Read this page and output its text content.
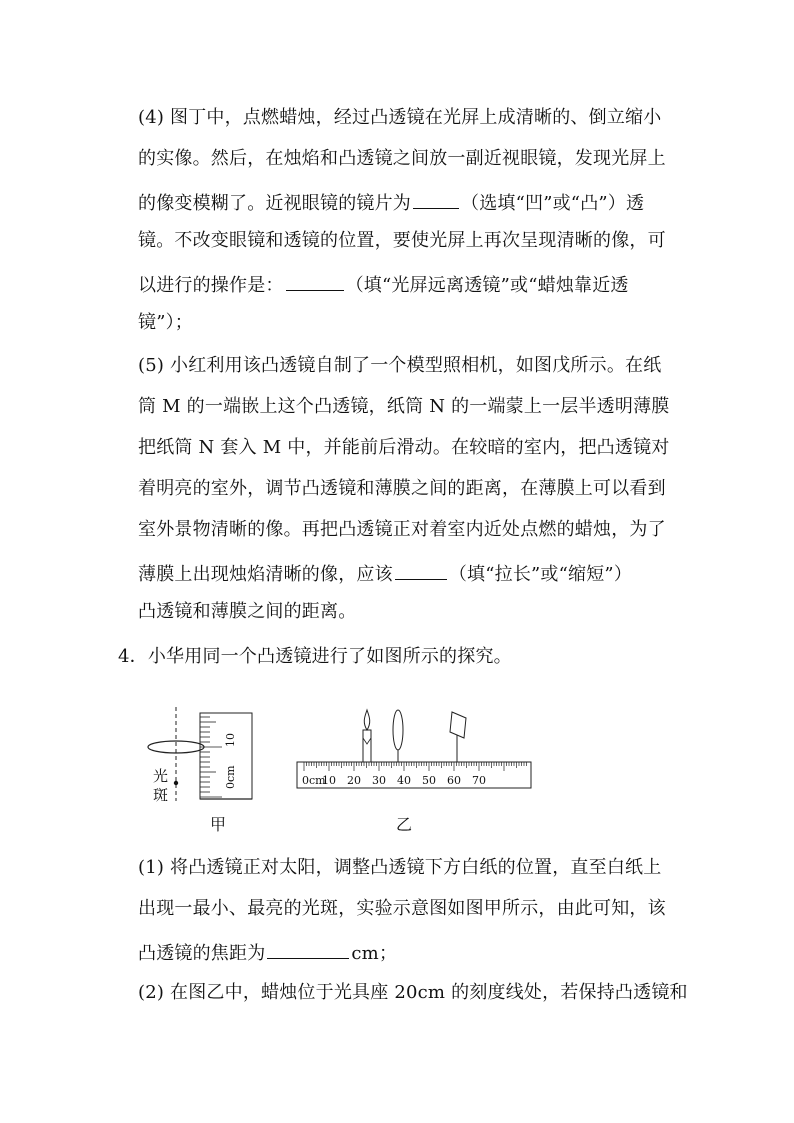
(4) 图丁中，点燃蜡烛，经过凸透镜在光屏上成清晰的、倒立缩小
的实像。然后，在烛焰和凸透镜之间放一副近视眼镜，发现光屏上
的像变模糊了。近视眼镜的镜片为	（选填“凹”或“凸”）透
镜。不改变眼镜和透镜的位置，要使光屏上再次呈现清晰的像，可
以进行的操作是：	（填“光屏远离透镜”或“蜡烛靠近透
镜”）；
(5) 小红利用该凸透镜自制了一个模型照相机，如图戊所示。在纸
筒 M 的一端嵌上这个凸透镜，纸筒 N 的一端蒙上一层半透明薄膜
把纸筒 N 套入 M 中，并能前后滑动。在较暗的室内，把凸透镜对
着明亮的室外，调节凸透镜和薄膜之间的距离，在薄膜上可以看到
室外景物清晰的像。再把凸透镜正对着室内近处点燃的蜡烛，为了
薄膜上出现烛焰清晰的像，应该	（填“拉长”或“缩短”）
凸透镜和薄膜之间的距离。
4．小华用同一个凸透镜进行了如图所示的探究。
10
0cm
光
斑
甲
0cm
10 20 30 40 50 60 70
乙
(1) 将凸透镜正对太阳，调整凸透镜下方白纸的位置，直至白纸上
出现一最小、最亮的光斑，实验示意图如图甲所示，由此可知，该
凸透镜的焦距为	cm；
(2) 在图乙中，蜡烛位于光具座 20cm 的刻度线处，若保持凸透镜和
